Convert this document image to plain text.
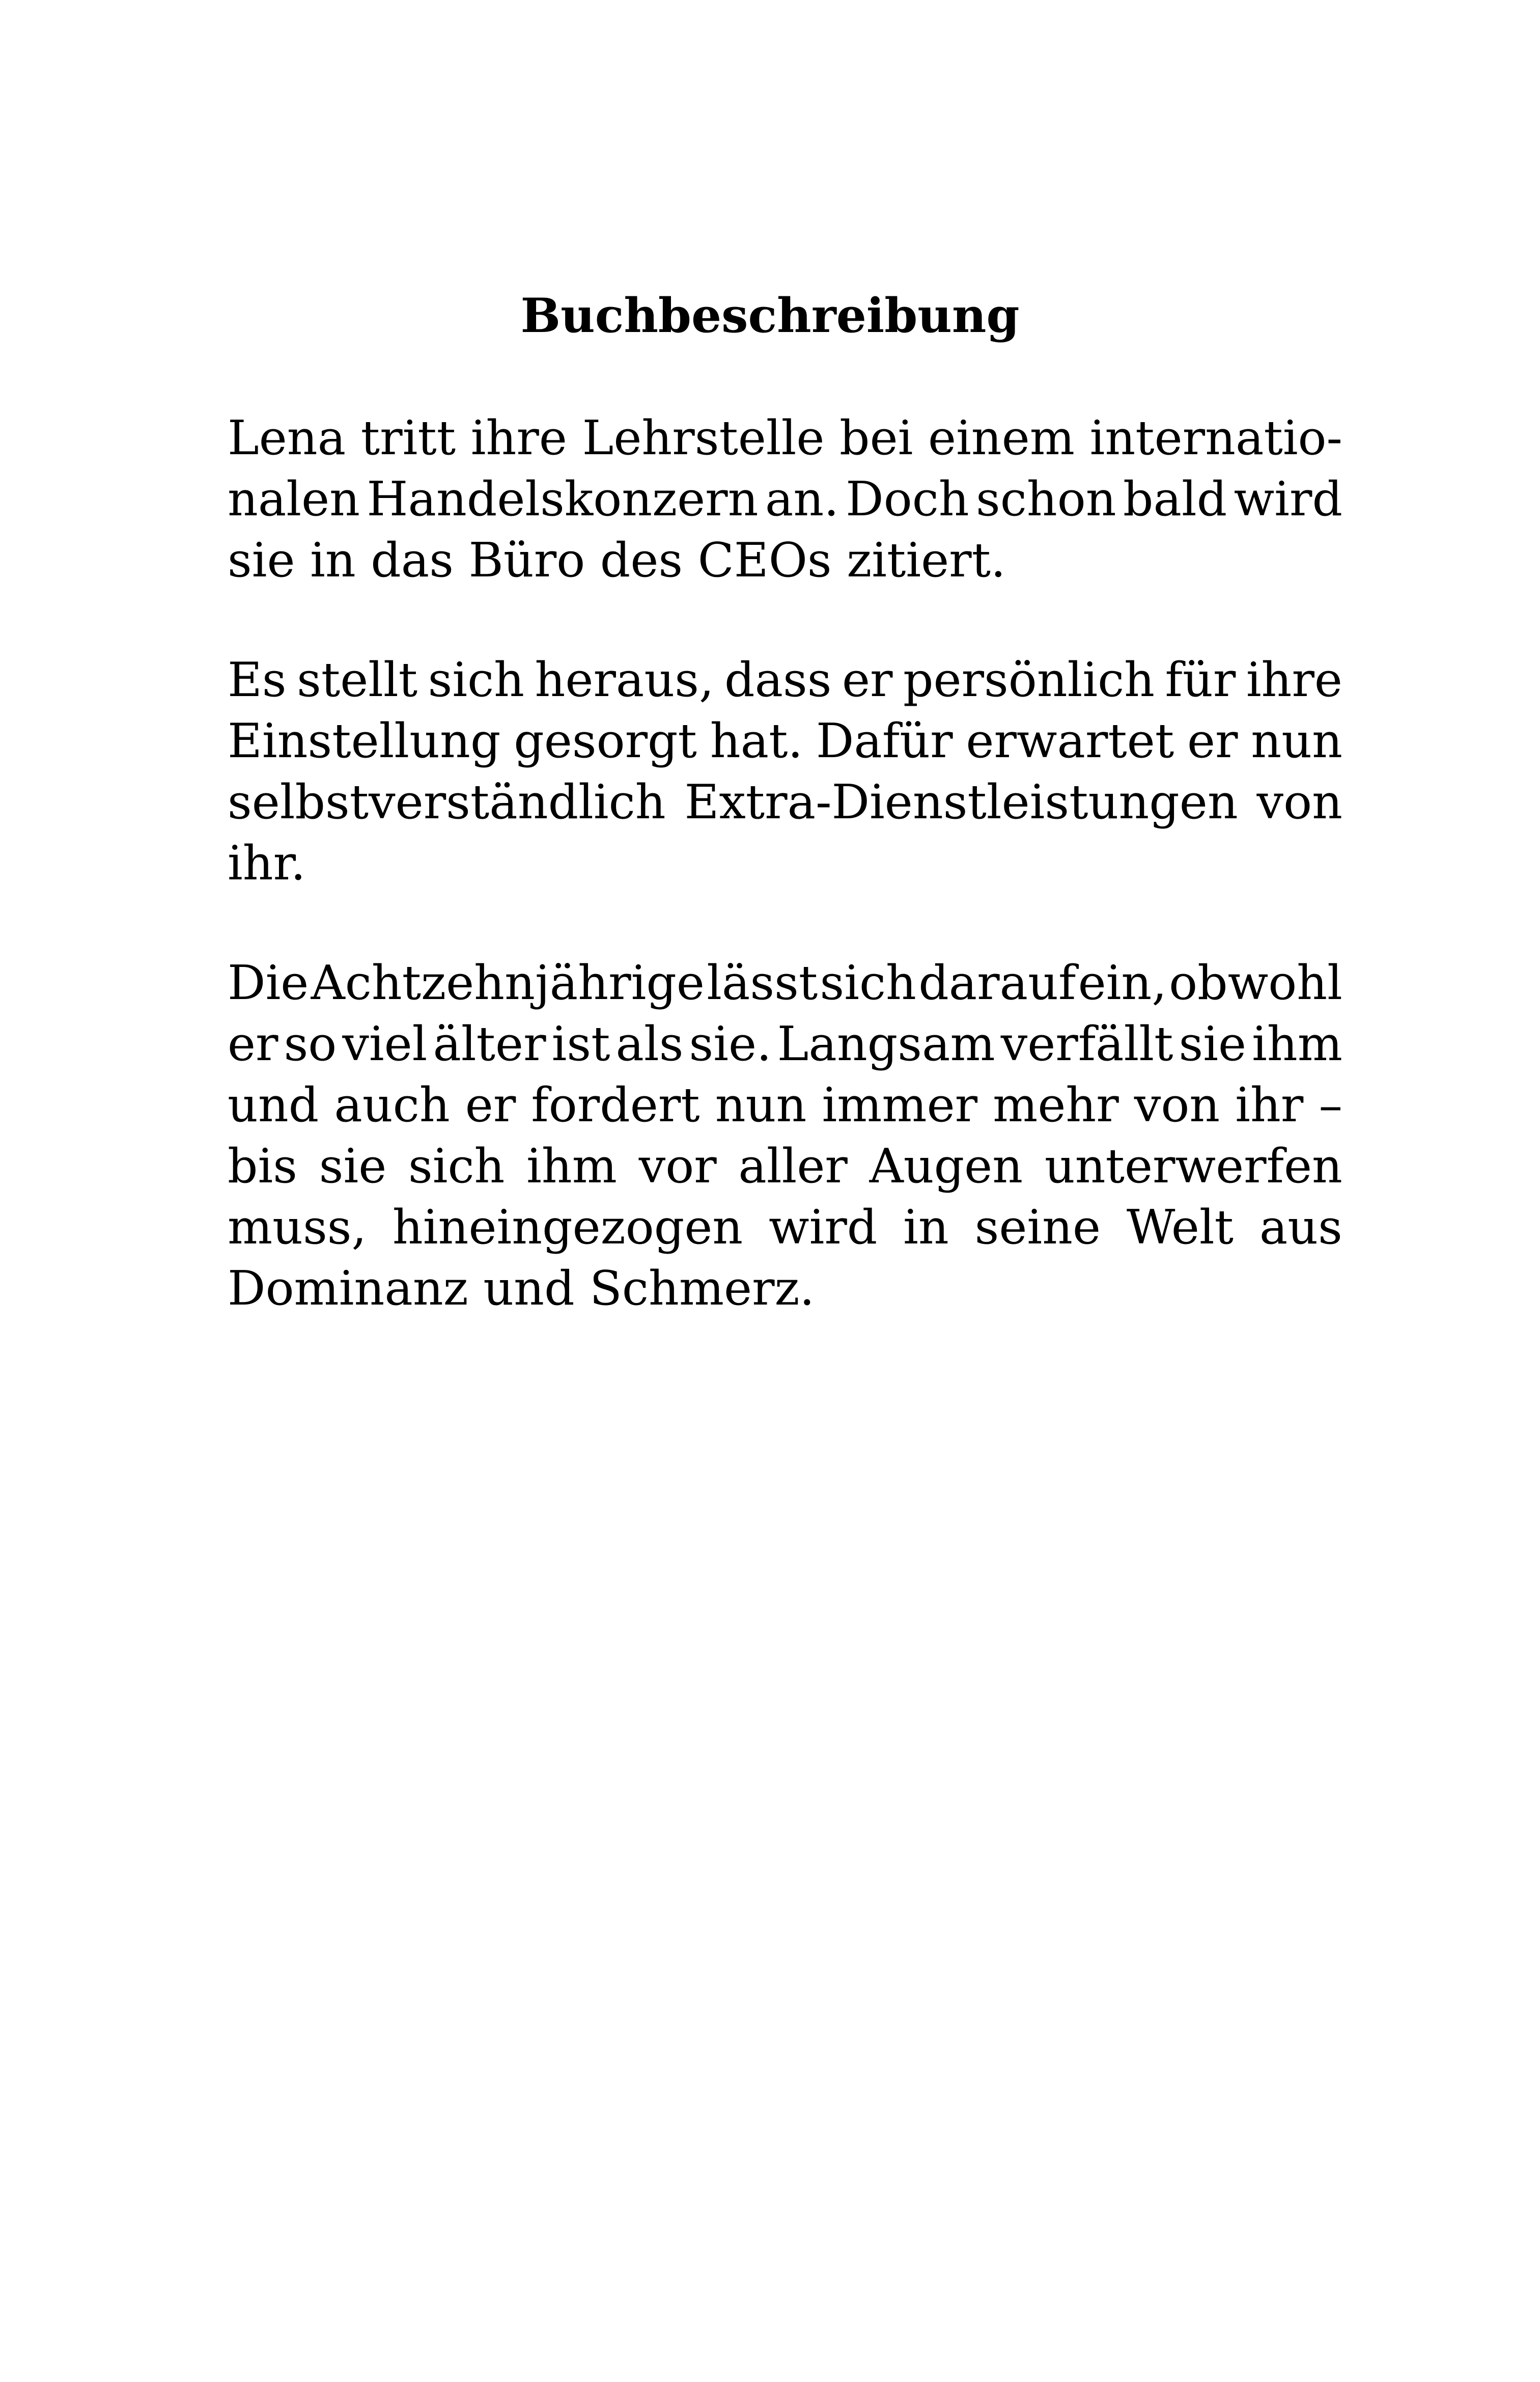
Buchbeschreibung
Lena tritt ihre Lehrstelle bei einem internatio-
nalen Handelskonzern an. Doch schon bald wird
sie in das Büro des CEOs zitiert.
Es stellt sich heraus, dass er persönlich für ihre
Einstellung gesorgt hat. Dafür erwartet er nun
selbstverständlich Extra-Dienstleistungen von
ihr.
Die Achtzehnjährige lässt sich darauf ein, obwohl
er so viel älter ist als sie. Langsam verfällt sie ihm
und auch er fordert nun immer mehr von ihr –
bis sie sich ihm vor aller Augen unterwerfen
muss, hineingezogen wird in seine Welt aus
Dominanz und Schmerz.
